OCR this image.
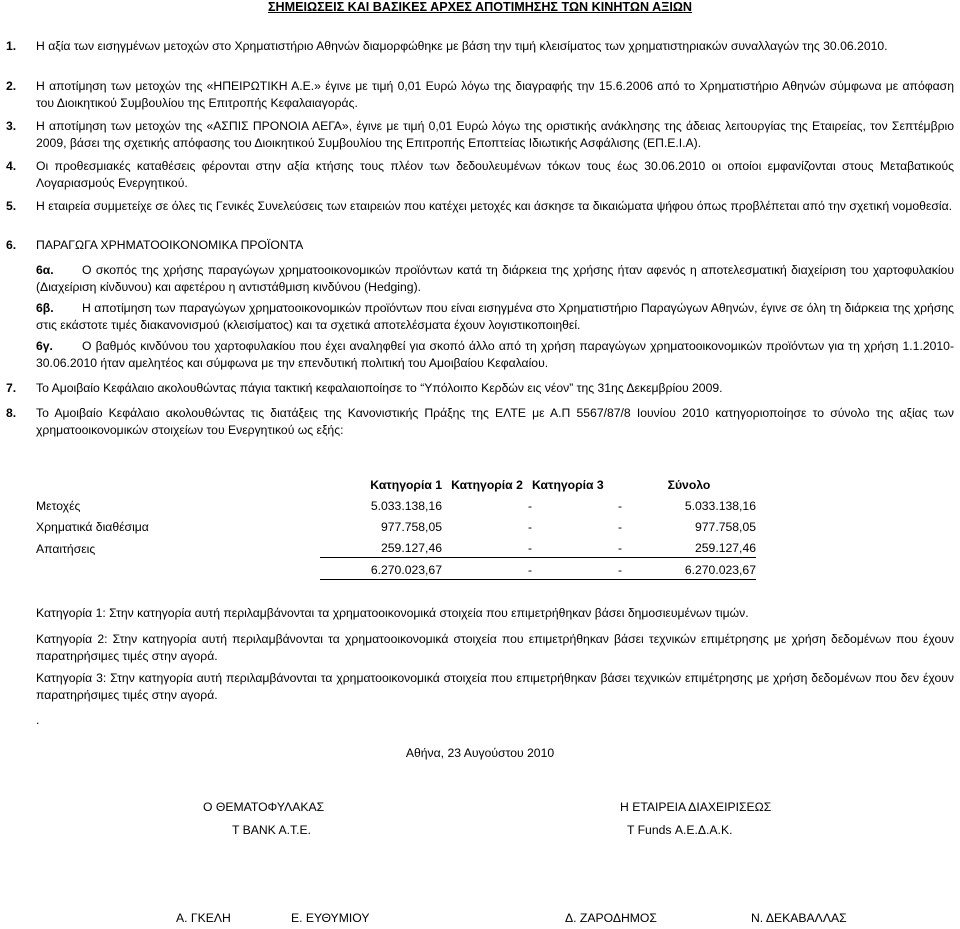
ΣΗΜΕΙΩΣΕΙΣ ΚΑΙ ΒΑΣΙΚΕΣ ΑΡΧΕΣ ΑΠΟΤΙΜΗΣΗΣ ΤΩΝ ΚΙΝΗΤΩΝ ΑΞΙΩΝ
1. Η αξία των εισηγμένων μετοχών στο Χρηματιστήριο Αθηνών διαμορφώθηκε με βάση την τιμή κλεισίματος των χρηματιστηριακών συναλλαγών της 30.06.2010.
2. Η αποτίμηση των μετοχών της «ΗΠΕΙΡΩΤΙΚΗ Α.Ε.» έγινε με τιμή 0,01 Ευρώ λόγω της διαγραφής την 15.6.2006 από το Χρηματιστήριο Αθηνών σύμφωνα με απόφαση του Διοικητικού Συμβουλίου της Επιτροπής Κεφαλαιαγοράς.
3. Η αποτίμηση των μετοχών της «ΑΣΠΙΣ ΠΡΟΝΟΙΑ ΑΕΓΑ», έγινε με τιμή 0,01 Ευρώ λόγω της οριστικής ανάκλησης της άδειας λειτουργίας της Εταιρείας, τον Σεπτέμβριο 2009, βάσει της σχετικής απόφασης του Διοικητικού Συμβουλίου της Επιτροπής Εποπτείας Ιδιωτικής Ασφάλισης (ΕΠ.Ε.Ι.Α).
4. Οι προθεσμιακές καταθέσεις φέρονται στην αξία κτήσης τους πλέον των δεδουλευμένων τόκων τους έως 30.06.2010 οι οποίοι εμφανίζονται στους Μεταβατικούς Λογαριασμούς Ενεργητικού.
5. Η εταιρεία συμμετείχε σε όλες τις Γενικές Συνελεύσεις των εταιρειών που κατέχει μετοχές και άσκησε τα δικαιώματα ψήφου όπως προβλέπεται από την σχετική νομοθεσία.
6. ΠΑΡΑΓΩΓΑ ΧΡΗΜΑΤΟΟΙΚΟΝΟΜΙΚΑ ΠΡΟΪΟΝΤΑ

6α. Ο σκοπός της χρήσης παραγώγων χρηματοοικονομικών προϊόντων κατά τη διάρκεια της χρήσης ήταν αφενός η αποτελεσματική διαχείριση του χαρτοφυλακίου (Διαχείριση κίνδυνου) και αφετέρου η αντιστάθμιση κινδύνου (Hedging).

6β. Η αποτίμηση των παραγώγων χρηματοοικονομικών προϊόντων που είναι εισηγμένα στο Χρηματιστήριο Παραγώγων Αθηνών, έγινε σε όλη τη διάρκεια της χρήσης στις εκάστοτε τιμές διακανονισμού (κλεισίματος) και τα σχετικά αποτελέσματα έχουν λογιστικοποιηθεί.

6γ. Ο βαθμός κινδύνου του χαρτοφυλακίου που έχει αναληφθεί για σκοπό άλλο από τη χρήση παραγώγων χρηματοοικονομικών προϊόντων για τη χρήση 1.1.2010-30.06.2010 ήταν αμελητέος και σύμφωνα με την επενδυτική πολιτική του Αμοιβαίου Κεφαλαίου.

7. Το Αμοιβαίο Κεφάλαιο ακολουθώντας πάγια τακτική κεφαλαιοποίησε το “Υπόλοιπο Κερδών εις νέον” της 31ης Δεκεμβρίου 2009.
8. Το Αμοιβαίο Κεφάλαιο ακολουθώντας τις διατάξεις της Κανονιστικής Πράξης της ΕΛΤΕ με Α.Π 5567/87/8 Ιουνίου 2010 κατηγοριοποίησε το σύνολο της αξίας των χρηματοοικονομικών στοιχείων του Ενεργητικού ως εξής:
	Κατηγορία 1	Κατηγορία 2	Κατηγορία 3	Σύνολο
Μετοχές	5.033.138,16	-	-	5.033.138,16
Χρηματικά διαθέσιμα	977.758,05	-	-	977.758,05
Απαιτήσεις	259.127,46	-	-	259.127,46
	6.270.023,67	-	-	6.270.023,67
Κατηγορία 1: Στην κατηγορία αυτή περιλαμβάνονται τα χρηματοοικονομικά στοιχεία που επιμετρήθηκαν βάσει δημοσιευμένων τιμών.
Κατηγορία 2: Στην κατηγορία αυτή περιλαμβάνονται τα χρηματοοικονομικά στοιχεία που επιμετρήθηκαν βάσει τεχνικών επιμέτρησης με χρήση δεδομένων που έχουν παρατηρήσιμες τιμές στην αγορά.
Κατηγορία 3: Στην κατηγορία αυτή περιλαμβάνονται τα χρηματοοικονομικά στοιχεία που επιμετρήθηκαν βάσει τεχνικών επιμέτρησης με χρήση δεδομένων που δεν έχουν παρατηρήσιμες τιμές στην αγορά.
.
Αθήνα, 23 Αυγούστου 2010
Ο ΘΕΜΑΤΟΦΥΛΑΚΑΣ	Η ΕΤΑΙΡΕΙΑ ΔΙΑΧΕΙΡΙΣΕΩΣ
T BANK A.T.E.	T Funds Α.Ε.Δ.Α.Κ.
Α. ΓΚΕΛΗ	Ε. ΕΥΘΥΜΙΟΥ	Δ. ΖΑΡΟΔΗΜΟΣ	Ν. ΔΕΚΑΒΑΛΛΑΣ
